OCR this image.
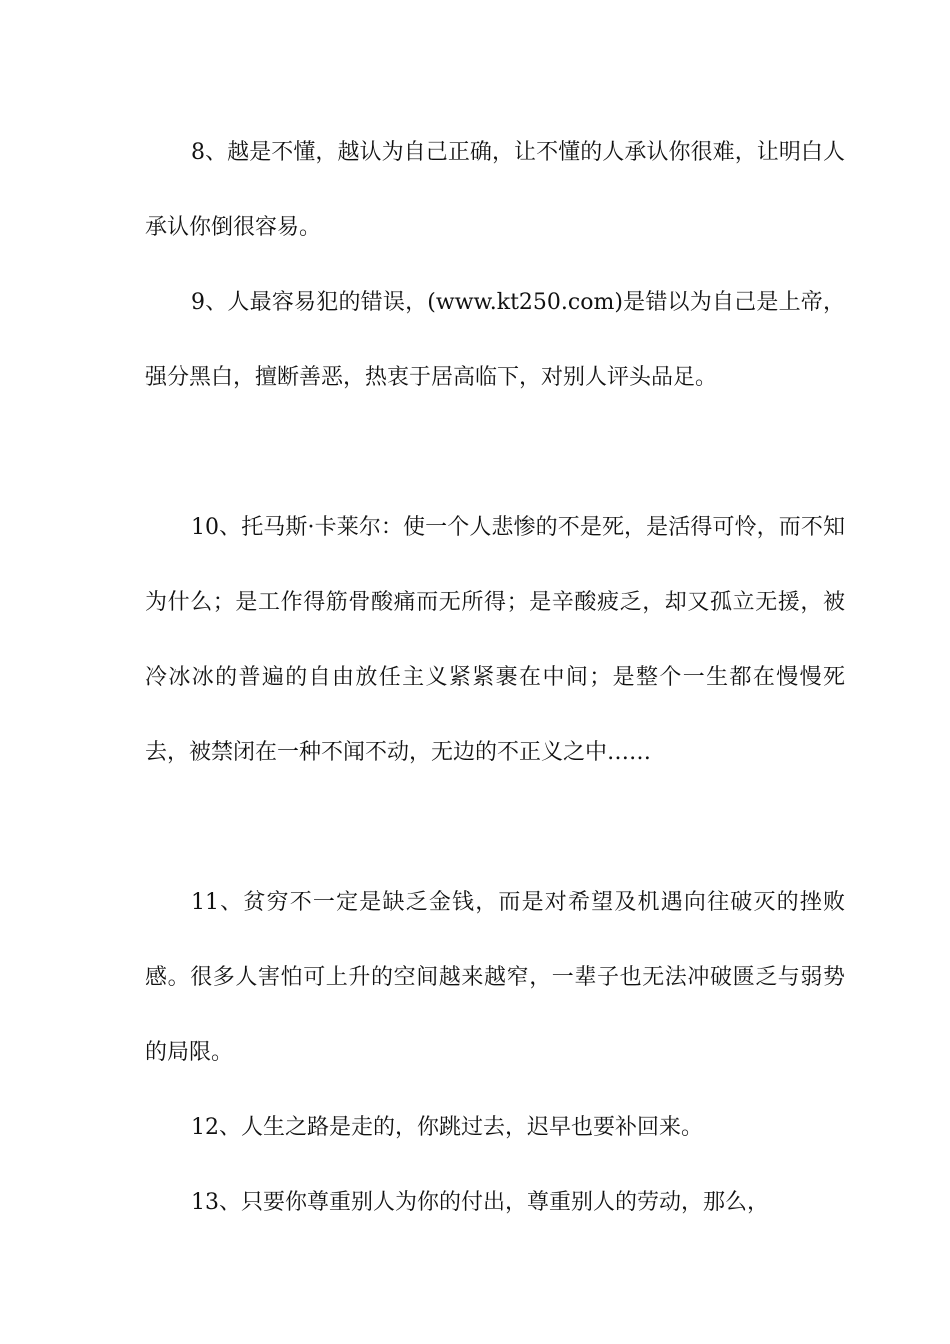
8、越是不懂，越认为自己正确，让不懂的人承认你很难，让明白人承认你倒很容易。

9、人最容易犯的错误，(www.kt250.com)是错以为自己是上帝，强分黑白，擅断善恶，热衷于居高临下，对别人评头品足。

10、托马斯·卡莱尔：使一个人悲惨的不是死，是活得可怜，而不知为什么；是工作得筋骨酸痛而无所得；是辛酸疲乏，却又孤立无援，被冷冰冰的普遍的自由放任主义紧紧裹在中间；是整个一生都在慢慢死去，被禁闭在一种不闻不动，无边的不正义之中……

11、贫穷不一定是缺乏金钱，而是对希望及机遇向往破灭的挫败感。很多人害怕可上升的空间越来越窄，一辈子也无法冲破匮乏与弱势的局限。

12、人生之路是走的，你跳过去，迟早也要补回来。

13、只要你尊重别人为你的付出，尊重别人的劳动，那么，
